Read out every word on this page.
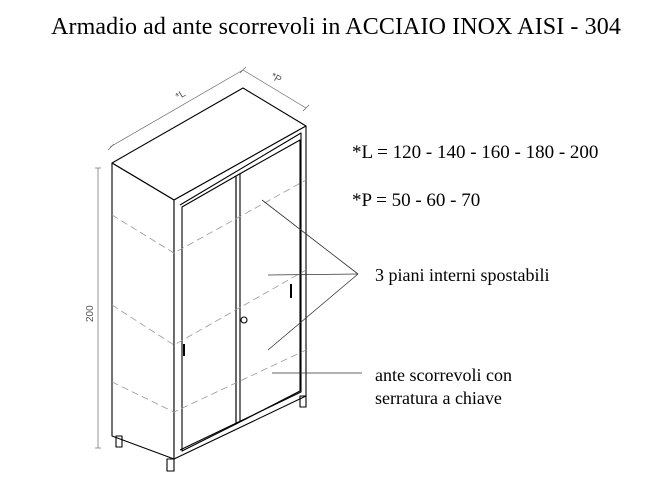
Armadio ad ante scorrevoli in ACCIAIO INOX AISI - 304
*L
*P
200
*L = 120 - 140 - 160 - 180 - 200
*P = 50 - 60 - 70
3 piani interni spostabili
ante scorrevoli con
serratura a chiave
